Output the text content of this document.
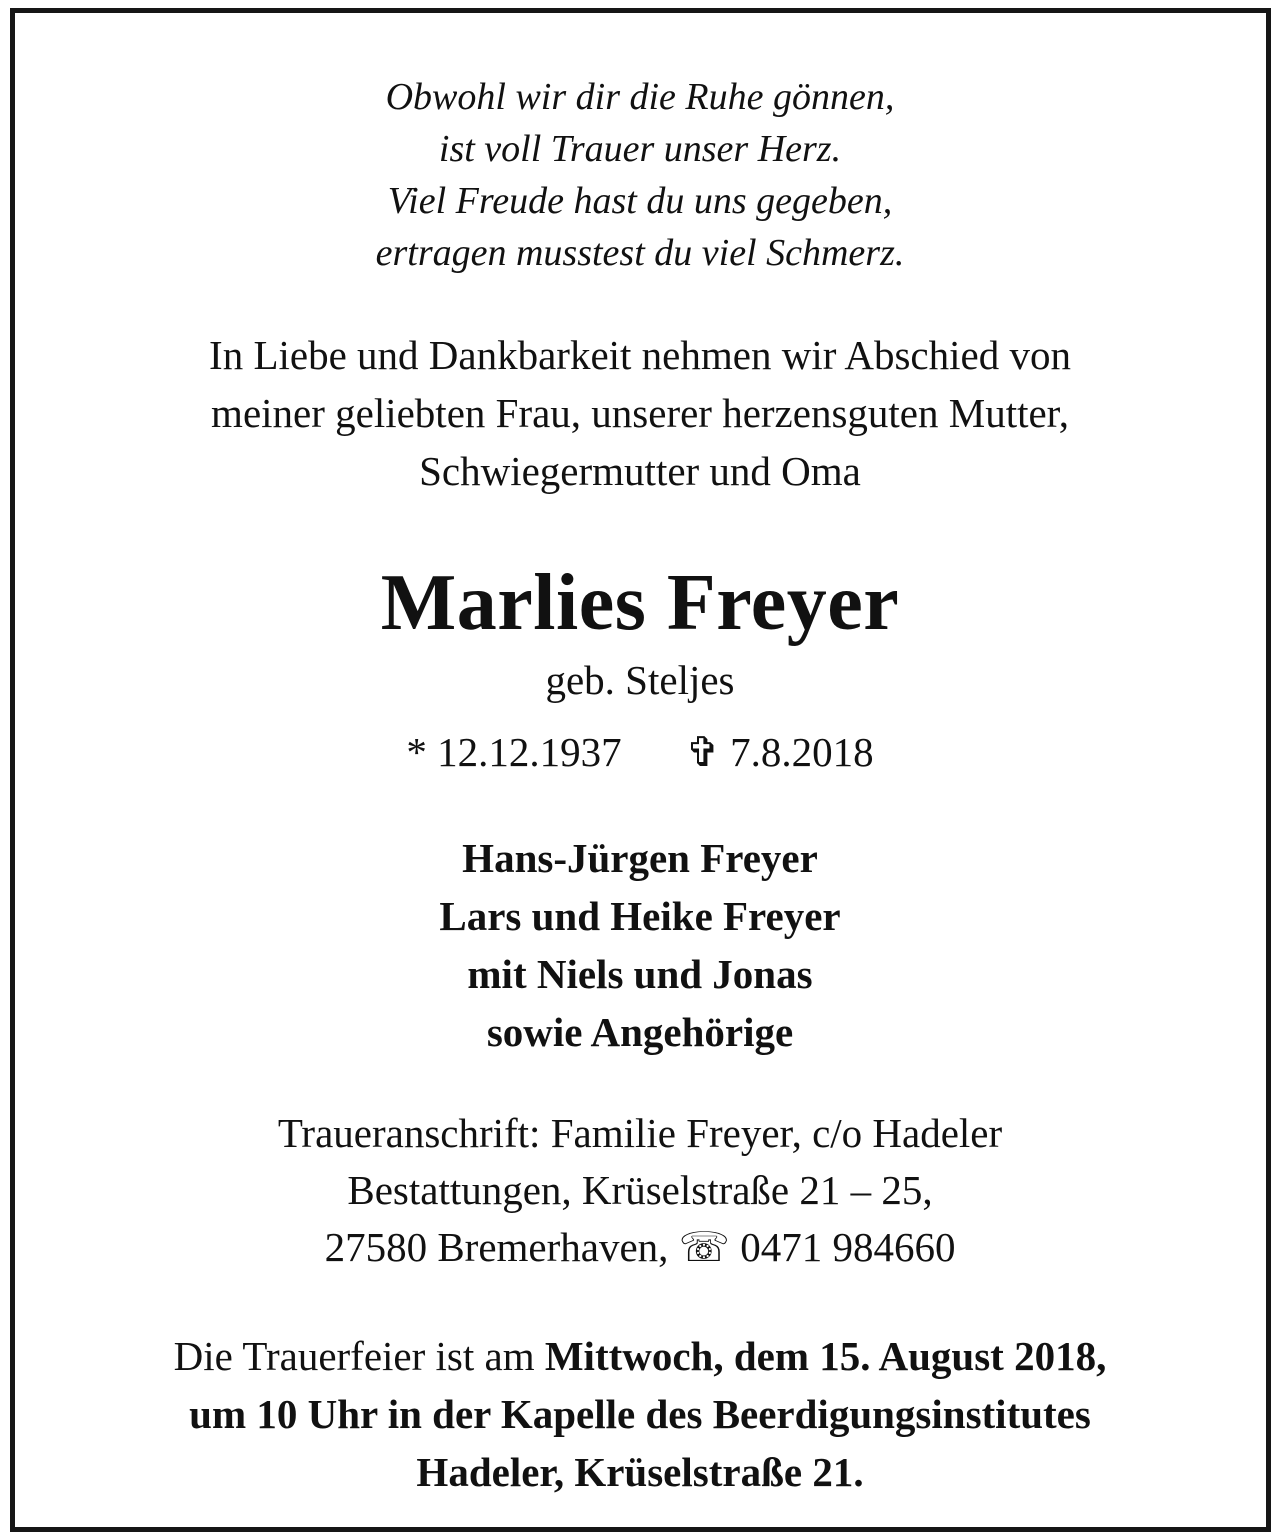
Obwohl wir dir die Ruhe gönnen,
ist voll Trauer unser Herz.
Viel Freude hast du uns gegeben,
ertragen musstest du viel Schmerz.
In Liebe und Dankbarkeit nehmen wir Abschied von
meiner geliebten Frau, unserer herzensguten Mutter,
Schwiegermutter und Oma
Marlies Freyer
geb. Steljes
* 12.12.1937 ✞ 7.8.2018
Hans-Jürgen Freyer
Lars und Heike Freyer
mit Niels und Jonas
sowie Angehörige
Traueranschrift: Familie Freyer, c/o Hadeler
Bestattungen, Krüselstraße 21 – 25,
27580 Bremerhaven, ☏ 0471 984660
Die Trauerfeier ist am Mittwoch, dem 15. August 2018,
um 10 Uhr in der Kapelle des Beerdigungsinstitutes
Hadeler, Krüselstraße 21.
